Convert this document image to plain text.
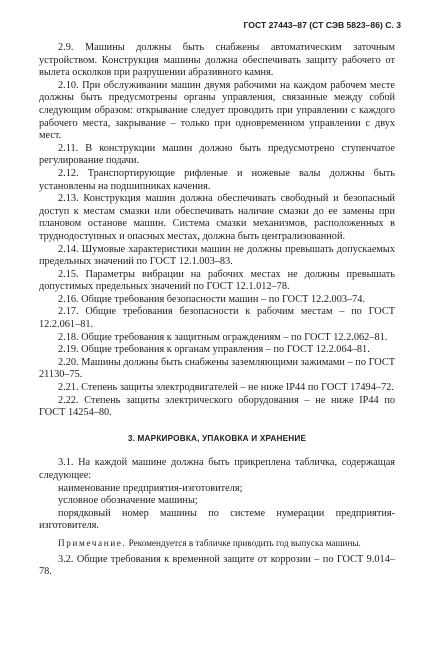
ГОСТ 27443–87 (СТ СЭВ 5823–86) С. 3

2.9. Машины должны быть снабжены автоматическим заточным устройством. Конструкция машины должна обеспечивать защиту рабочего от вылета осколков при разрушении абразивного камня.

2.10. При обслуживании машин двумя рабочими на каждом рабочем месте должны быть предусмотрены органы управления, связанные между собой следующим образом: открывание следует проводить при управлении с каждого рабочего места, закрывание – только при одновременном управлении с двух мест.

2.11. В конструкции машин должно быть предусмотрено ступенчатое регулирование подачи.

2.12. Транспортирующие рифленые и ножевые валы должны быть установлены на подшипниках качения.

2.13. Конструкция машин должна обеспечивать свободный и безопасный доступ к местам смазки или обеспечивать наличие смазки до ее замены при плановом останове машин. Система смазки механизмов, расположенных в труднодоступных и опасных местах, должна быть централизованной.

2.14. Шумовые характеристики машин не должны превышать допускаемых предельных значений по ГОСТ 12.1.003–83.

2.15. Параметры вибрации на рабочих местах не должны превышать допустимых предельных значений по ГОСТ 12.1.012–78.

2.16. Общие требования безопасности машин – по ГОСТ 12.2.003–74.

2.17. Общие требования безопасности к рабочим местам – по ГОСТ 12.2.061–81.

2.18. Общие требования к защитным ограждениям – по ГОСТ 12.2.062–81.

2.19. Общие требования к органам управления – по ГОСТ 12.2.064–81.

2.20. Машины должны быть снабжены заземляющими зажимами – по ГОСТ 21130–75.

2.21. Степень защиты электродвигателей – не ниже IP44 по ГОСТ 17494–72.

2.22. Степень защиты электрического оборудования – не ниже IP44 по ГОСТ 14254–80.

3. МАРКИРОВКА, УПАКОВКА И ХРАНЕНИЕ

3.1. На каждой машине должна быть прикреплена табличка, содержащая следующее:

наименование предприятия-изготовителя;

условное обозначение машины;

порядковый номер машины по системе нумерации предприятия-изготовителя.

Примечание. Рекомендуется в табличке приводить год выпуска машины.

3.2. Общие требования к временной защите от коррозии – по ГОСТ 9.014–78.
